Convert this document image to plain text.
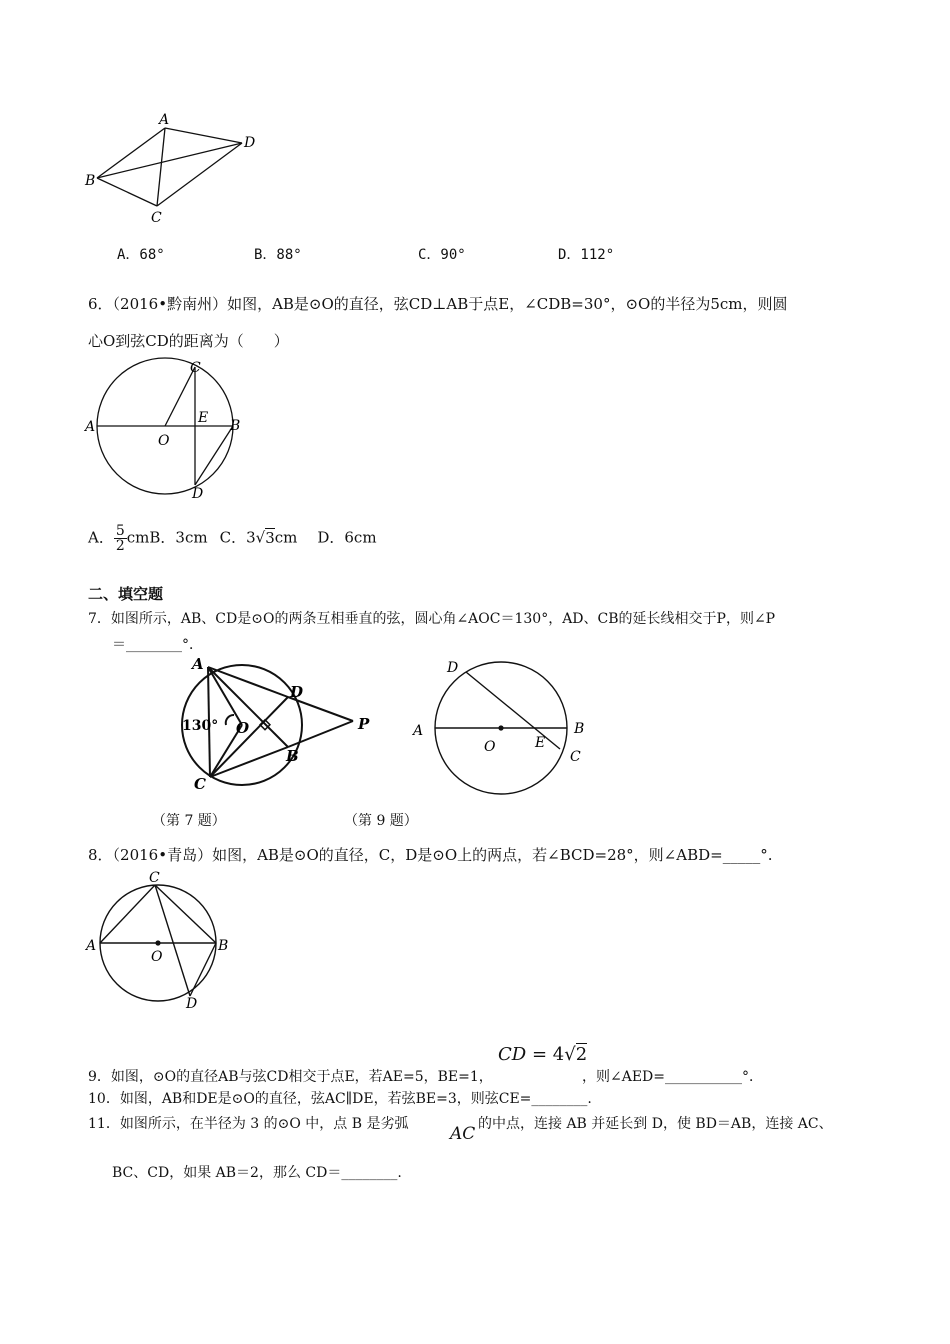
A
D
B
C
A．68°	B．88°	C．90°	D．112°
6．（2016•黔南州）如图，AB是⊙O的直径，弦CD⊥AB于点E，∠CDB=30°，⊙O的半径为5cm，则圆
心O到弦CD的距离为（　　）
C
A
E B
O
D
A． $\frac{5}{2}$ cmB．3cm C．3√3cm D．6cm
二、填空题
7．如图所示，AB、CD是⊙O的两条互相垂直的弦，圆心角∠AOC＝130°，AD、CB的延长线相交于P，则∠P
＝________°．
A
D
130° O
B
P
C
D
A	B
O	E
C
（第 7 题）	（第 9 题）
8．（2016•青岛）如图，AB是⊙O的直径，C，D是⊙O上的两点，若∠BCD=28°，则∠ABD=_____°.
C
A	B
O
D
9．如图，⊙O的直径AB与弦CD相交于点E，若AE=5，BE=1，
CD = 4√2
，则∠AED=___________°．
10．如图，AB和DE是⊙O的直径，弦AC∥DE，若弦BE=3，则弦CE=________.
11．如图所示，在半径为 3 的⊙O 中，点 B 是劣弧 AC 的中点，连接 AB 并延长到 D，使 BD＝AB，连接 AC、
BC、CD，如果 AB＝2，那么 CD＝________.
